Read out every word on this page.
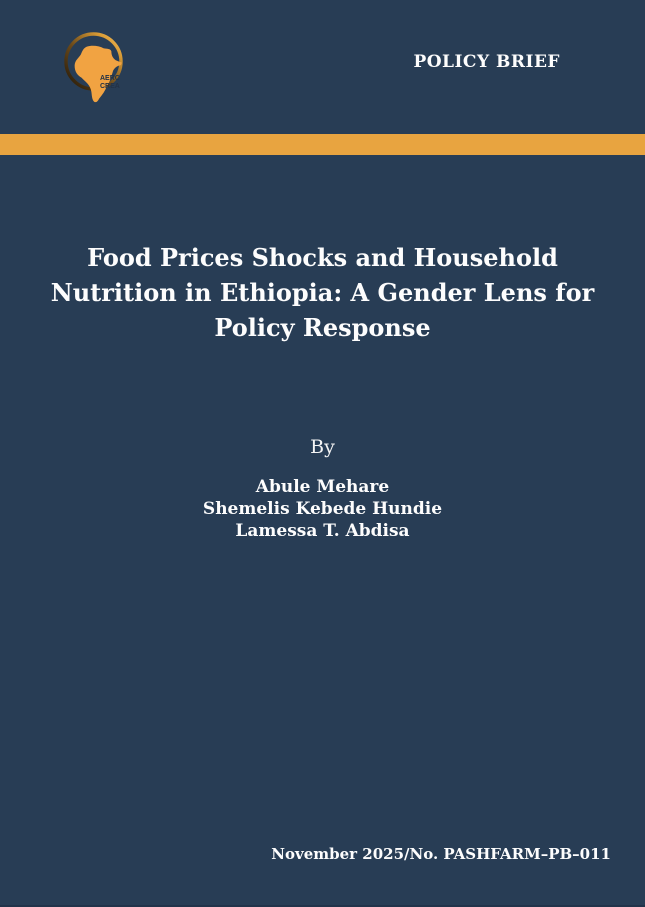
AERC
CREA
POLICY BRIEF
Food Prices Shocks and Household
Nutrition in Ethiopia: A Gender Lens for
Policy Response
By
Abule Mehare
Shemelis Kebede Hundie
Lamessa T. Abdisa
November 2025/No. PASHFARM–PB–011
